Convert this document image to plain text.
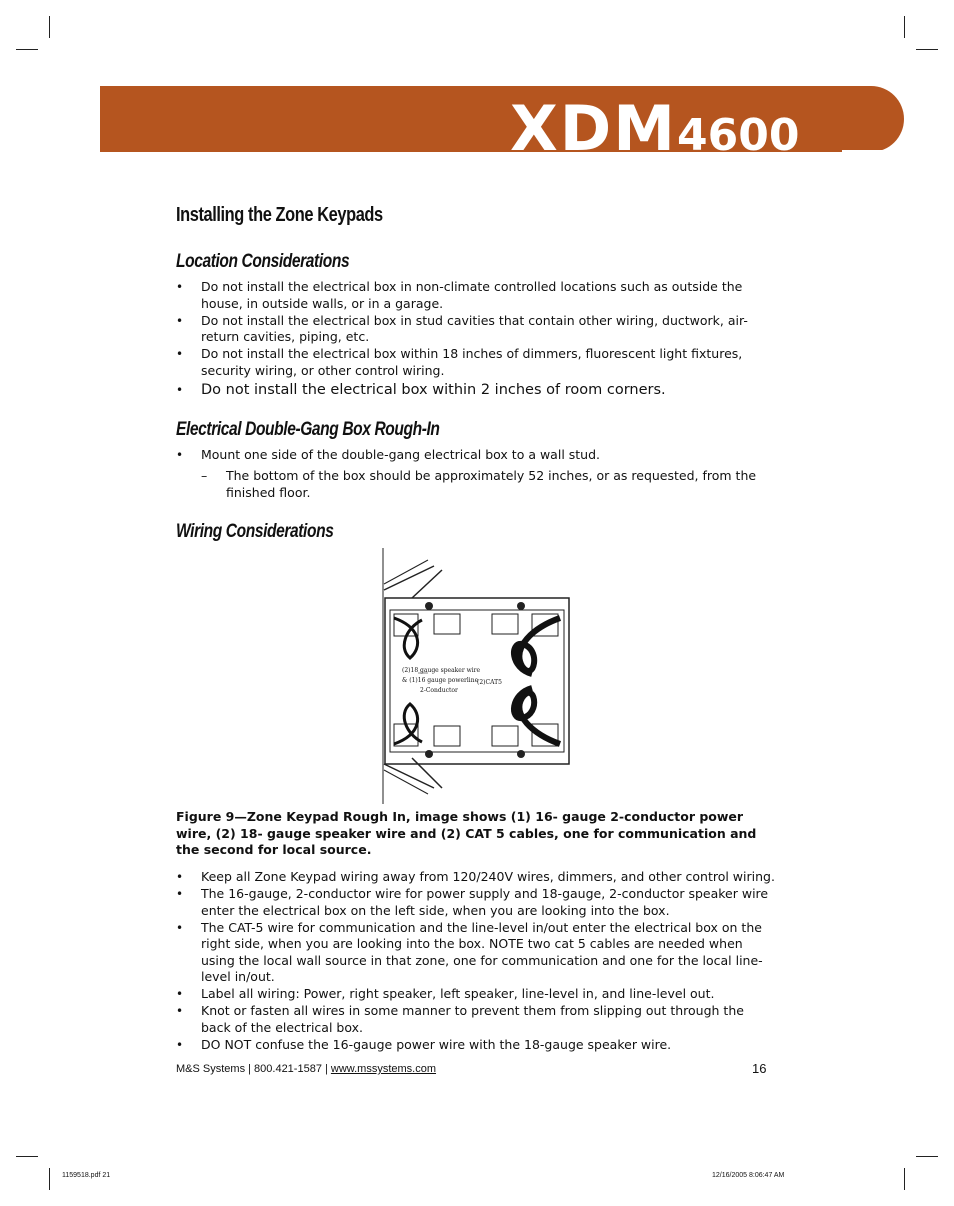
XDM4600
Installing the Zone Keypads
Location Considerations
• Do not install the electrical box in non-climate controlled locations such as outside the house, in outside walls, or in a garage.
• Do not install the electrical box in stud cavities that contain other wiring, ductwork, air-return cavities, piping, etc.
• Do not install the electrical box within 18 inches of dimmers, fluorescent light fixtures, security wiring, or other control wiring.
• Do not install the electrical box within 2 inches of room corners.
Electrical Double-Gang Box Rough-In
• Mount one side of the double-gang electrical box to a wall stud.
– The bottom of the box should be approximately 52 inches, or as requested, from the finished floor.
Wiring Considerations
(2)18 gauge speaker wire
& (1)16 gauge powerline
2-Conductor
(2)CAT5

Figure 9—Zone Keypad Rough In, image shows (1) 16- gauge 2-conductor power wire, (2) 18- gauge speaker wire and (2) CAT 5 cables, one for communication and the second for local source.

• Keep all Zone Keypad wiring away from 120/240V wires, dimmers, and other control wiring.
• The 16-gauge, 2-conductor wire for power supply and 18-gauge, 2-conductor speaker wire enter the electrical box on the left side, when you are looking into the box.
• The CAT-5 wire for communication and the line-level in/out enter the electrical box on the right side, when you are looking into the box. NOTE two cat 5 cables are needed when using the local wall source in that zone, one for communication and one for the local line-level in/out.
• Label all wiring: Power, right speaker, left speaker, line-level in, and line-level out.
• Knot or fasten all wires in some manner to prevent them from slipping out through the back of the electrical box.
• DO NOT confuse the 16-gauge power wire with the 18-gauge speaker wire.
M&S Systems | 800.421-1587 | www.mssystems.com	16
1159518.pdf 21	12/16/2005 8:06:47 AM
